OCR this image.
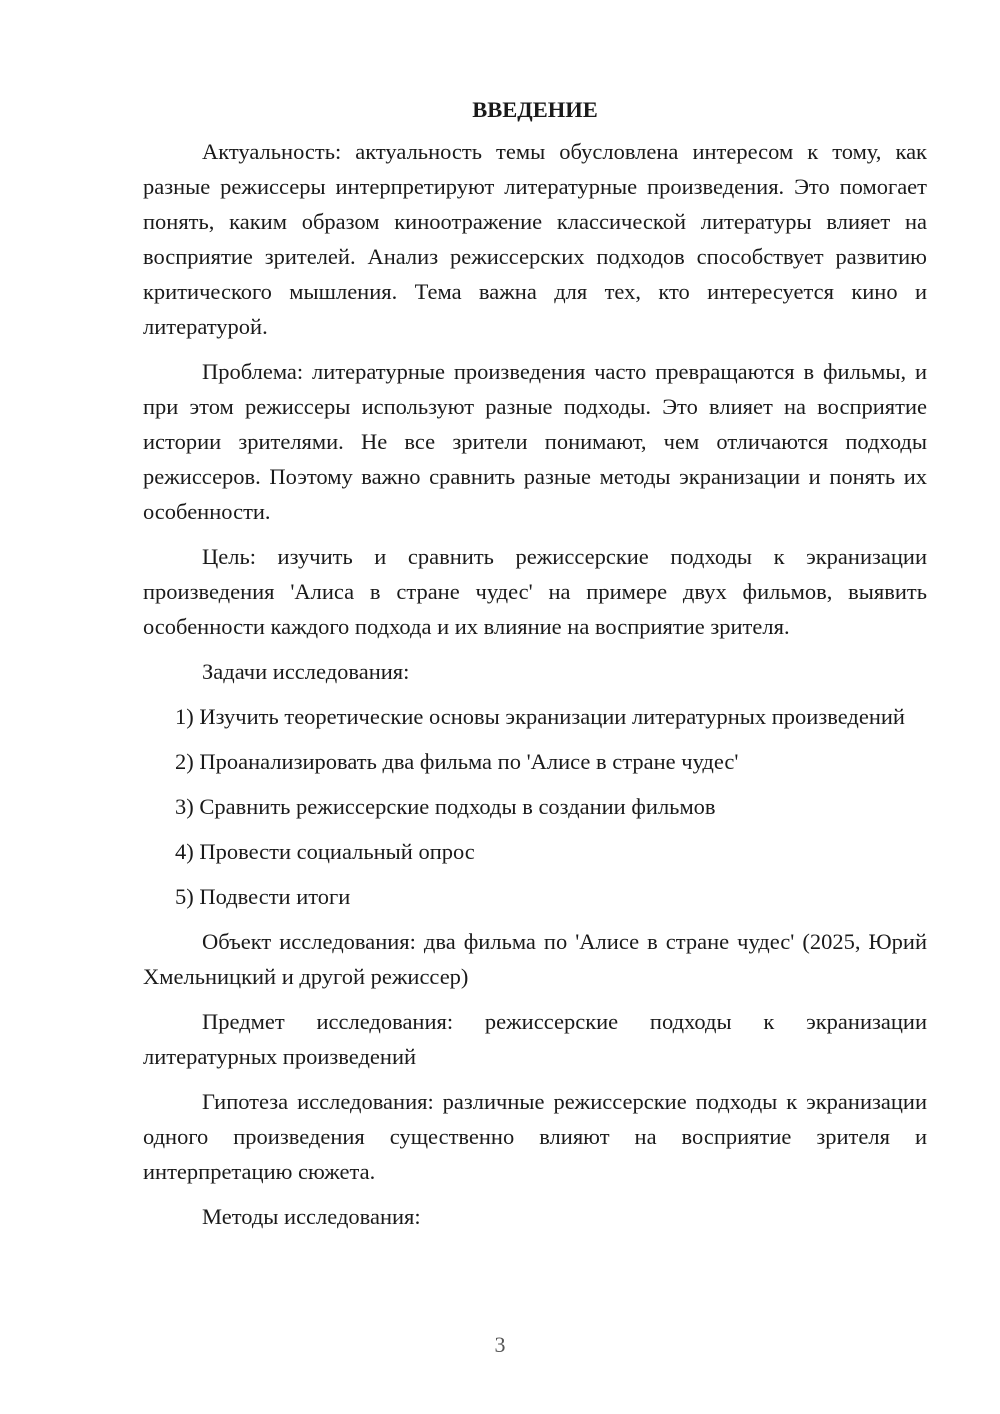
ВВЕДЕНИЕ

Актуальность: актуальность темы обусловлена интересом к тому, как разные режиссеры интерпретируют литературные произведения. Это помогает понять, каким образом киноотражение классической литературы влияет на восприятие зрителей. Анализ режиссерских подходов способствует развитию критического мышления. Тема важна для тех, кто интересуется кино и литературой.

Проблема: литературные произведения часто превращаются в фильмы, и при этом режиссеры используют разные подходы. Это влияет на восприятие истории зрителями. Не все зрители понимают, чем отличаются подходы режиссеров. Поэтому важно сравнить разные методы экранизации и понять их особенности.

Цель: изучить и сравнить режиссерские подходы к экранизации произведения 'Алиса в стране чудес' на примере двух фильмов, выявить особенности каждого подхода и их влияние на восприятие зрителя.

Задачи исследования:

1) Изучить теоретические основы экранизации литературных произведений

2) Проанализировать два фильма по 'Алисе в стране чудес'

3) Сравнить режиссерские подходы в создании фильмов

4) Провести социальный опрос

5) Подвести итоги

Объект исследования: два фильма по 'Алисе в стране чудес' (2025, Юрий Хмельницкий и другой режиссер)

Предмет исследования: режиссерские подходы к экранизации литературных произведений

Гипотеза исследования: различные режиссерские подходы к экранизации одного произведения существенно влияют на восприятие зрителя и интерпретацию сюжета.

Методы исследования:

3
